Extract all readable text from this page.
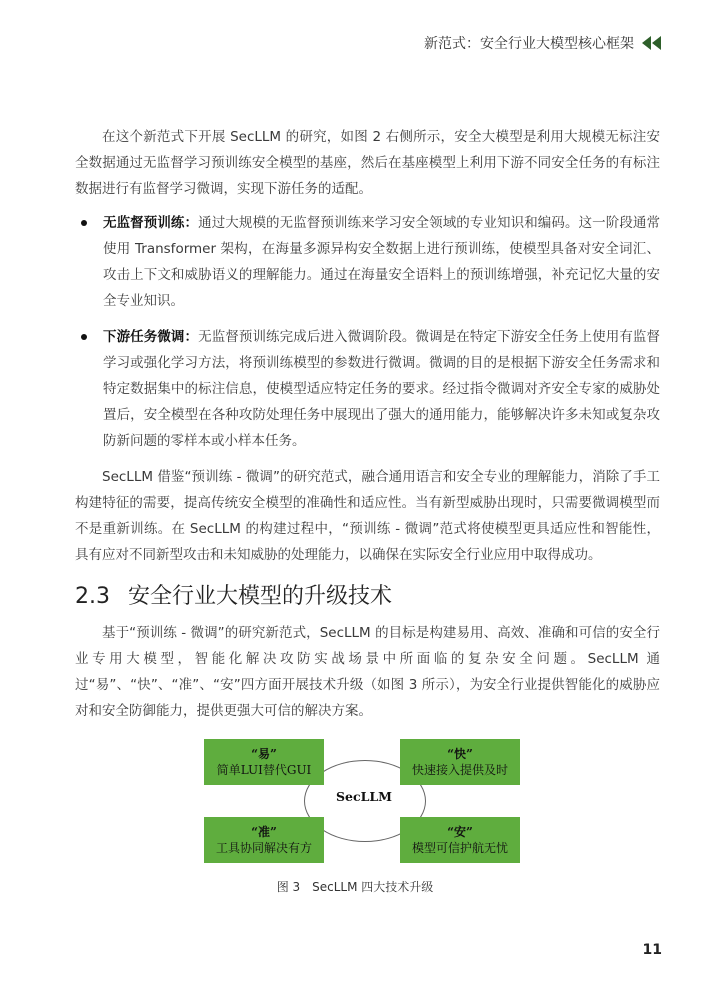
新范式：安全行业大模型核心框架

在这个新范式下开展 SecLLM 的研究，如图 2 右侧所示，安全大模型是利用大规模无标注安全数据通过无监督学习预训练安全模型的基座，然后在基座模型上利用下游不同安全任务的有标注数据进行有监督学习微调，实现下游任务的适配。

无监督预训练：通过大规模的无监督预训练来学习安全领域的专业知识和编码。这一阶段通常使用 Transformer 架构，在海量多源异构安全数据上进行预训练，使模型具备对安全词汇、攻击上下文和威胁语义的理解能力。通过在海量安全语料上的预训练增强，补充记忆大量的安全专业知识。
下游任务微调：无监督预训练完成后进入微调阶段。微调是在特定下游安全任务上使用有监督学习或强化学习方法，将预训练模型的参数进行微调。微调的目的是根据下游安全任务需求和特定数据集中的标注信息，使模型适应特定任务的要求。经过指令微调对齐安全专家的威胁处置后，安全模型在各种攻防处理任务中展现出了强大的通用能力，能够解决许多未知或复杂攻防新问题的零样本或小样本任务。

SecLLM 借鉴“预训练 - 微调”的研究范式，融合通用语言和安全专业的理解能力，消除了手工构建特征的需要，提高传统安全模型的准确性和适应性。当有新型威胁出现时，只需要微调模型而不是重新训练。在 SecLLM 的构建过程中，“预训练 - 微调”范式将使模型更具适应性和智能性，具有应对不同新型攻击和未知威胁的处理能力，以确保在实际安全行业应用中取得成功。

2.3 安全行业大模型的升级技术

基于“预训练 - 微调”的研究新范式，SecLLM 的目标是构建易用、高效、准确和可信的安全行业专用大模型，智能化解决攻防实战场景中所面临的复杂安全问题。SecLLM 通过“易”、“快”、“准”、“安”四方面开展技术升级（如图 3 所示），为安全行业提供智能化的威胁应对和安全防御能力，提供更强大可信的解决方案。

“易”
简单LUI替代GUI
“快”
快速接入提供及时
“准”
工具协同解决有方
“安”
模型可信护航无忧
SecLLM
图 3　SecLLM 四大技术升级
11
